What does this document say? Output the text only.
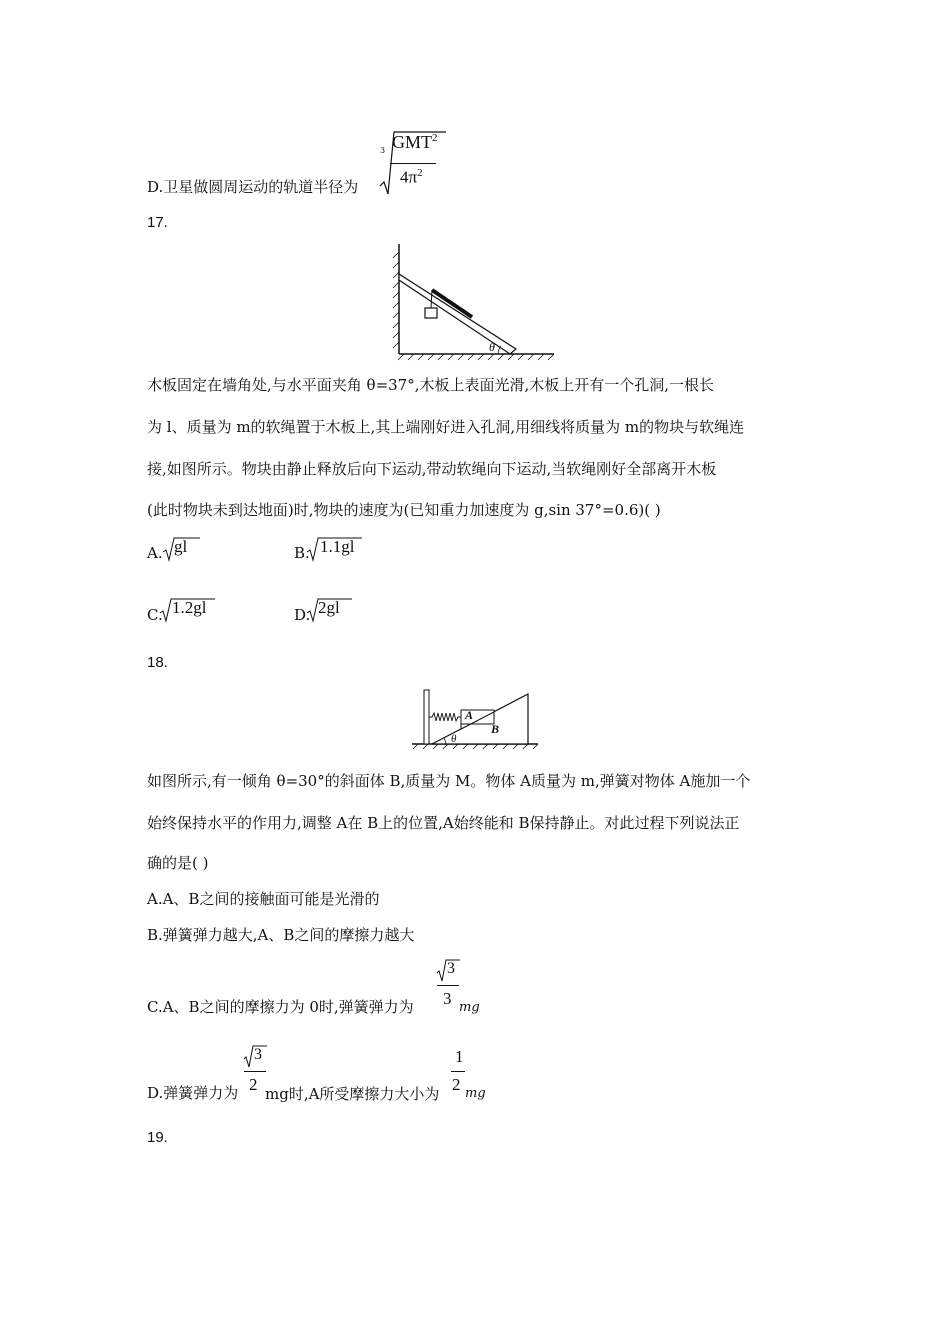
D.卫星做圆周运动的轨道半径为
3 GMT$^2$
$4\pi^2$
17.
θ
木板固定在墙角处,与水平面夹角 θ=37°,木板上表面光滑,木板上开有一个孔洞,一根长
为 l、质量为 m的软绳置于木板上,其上端刚好进入孔洞,用细线将质量为 m的物块与软绳连
接,如图所示。物块由静止释放后向下运动,带动软绳向下运动,当软绳刚好全部离开木板
(此时物块未到达地面)时,物块的速度为(已知重力加速度为 g,sin 37°=0.6)( )
A. gl	B. 1.1gl
C. 1.2gl	D. 2gl
18.
A
B
θ
如图所示,有一倾角 θ=30°的斜面体 B,质量为 M。物体 A质量为 m,弹簧对物体 A施加一个
始终保持水平的作用力,调整 A在 B上的位置,A始终能和 B保持静止。对此过程下列说法正
确的是( )
A.A、B之间的接触面可能是光滑的
B.弹簧弹力越大,A、B之间的摩擦力越大
C.A、B之间的摩擦力为 0时,弹簧弹力为
3
3 mg
D.弹簧弹力为
3
2 mg时,A所受摩擦力大小为
1
2 mg
19.
